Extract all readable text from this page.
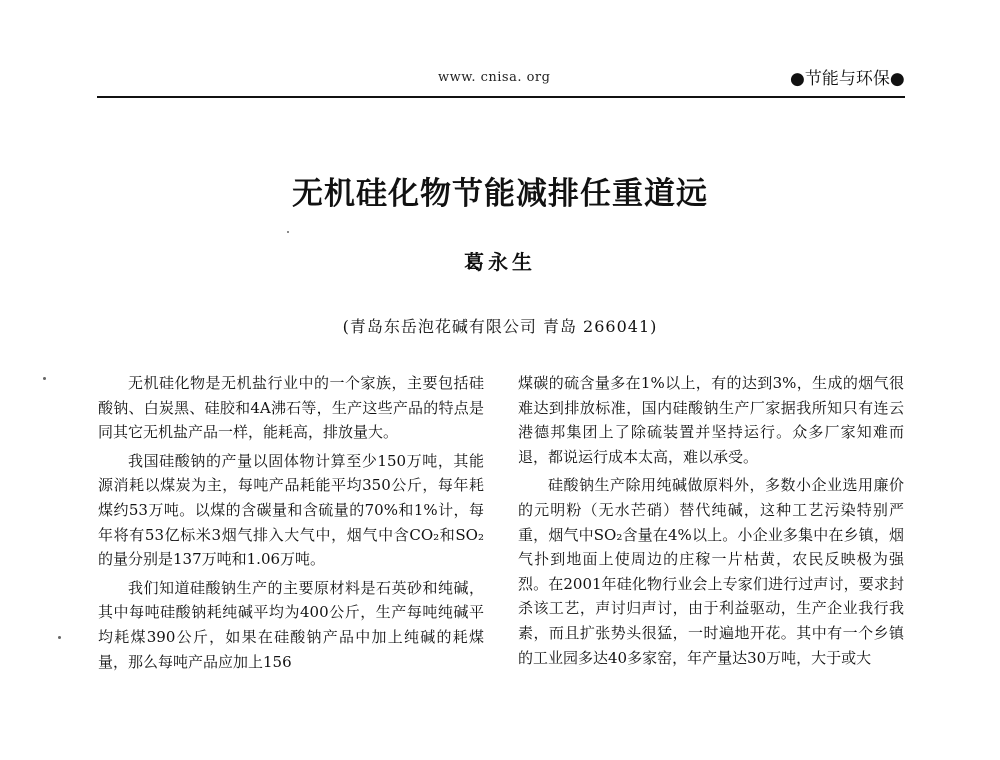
www. cnisa. org	●节能与环保●
无机硅化物节能减排任重道远
葛永生
(青岛东岳泡花碱有限公司 青岛 266041)

无机硅化物是无机盐行业中的一个家族，主要包括硅酸钠、白炭黑、硅胶和4A沸石等，生产这些产品的特点是同其它无机盐产品一样，能耗高，排放量大。

我国硅酸钠的产量以固体物计算至少150万吨，其能源消耗以煤炭为主，每吨产品耗能平均350公斤，每年耗煤约53万吨。以煤的含碳量和含硫量的70%和1%计，每年将有53亿标米3烟气排入大气中，烟气中含CO₂和SO₂的量分别是137万吨和1.06万吨。

我们知道硅酸钠生产的主要原材料是石英砂和纯碱，其中每吨硅酸钠耗纯碱平均为400公斤，生产每吨纯碱平均耗煤390公斤，如果在硅酸钠产品中加上纯碱的耗煤量，那么每吨产品应加上156

煤碳的硫含量多在1%以上，有的达到3%，生成的烟气很难达到排放标准，国内硅酸钠生产厂家据我所知只有连云港德邦集团上了除硫装置并坚持运行。众多厂家知难而退，都说运行成本太高，难以承受。

硅酸钠生产除用纯碱做原料外，多数小企业选用廉价的元明粉（无水芒硝）替代纯碱，这种工艺污染特别严重，烟气中SO₂含量在4%以上。小企业多集中在乡镇，烟气扑到地面上使周边的庄稼一片枯黄，农民反映极为强烈。在2001年硅化物行业会上专家们进行过声讨，要求封杀该工艺，声讨归声讨，由于利益驱动，生产企业我行我素，而且扩张势头很猛，一时遍地开花。其中有一个乡镇的工业园多达40多家窑，年产量达30万吨，大于或大
